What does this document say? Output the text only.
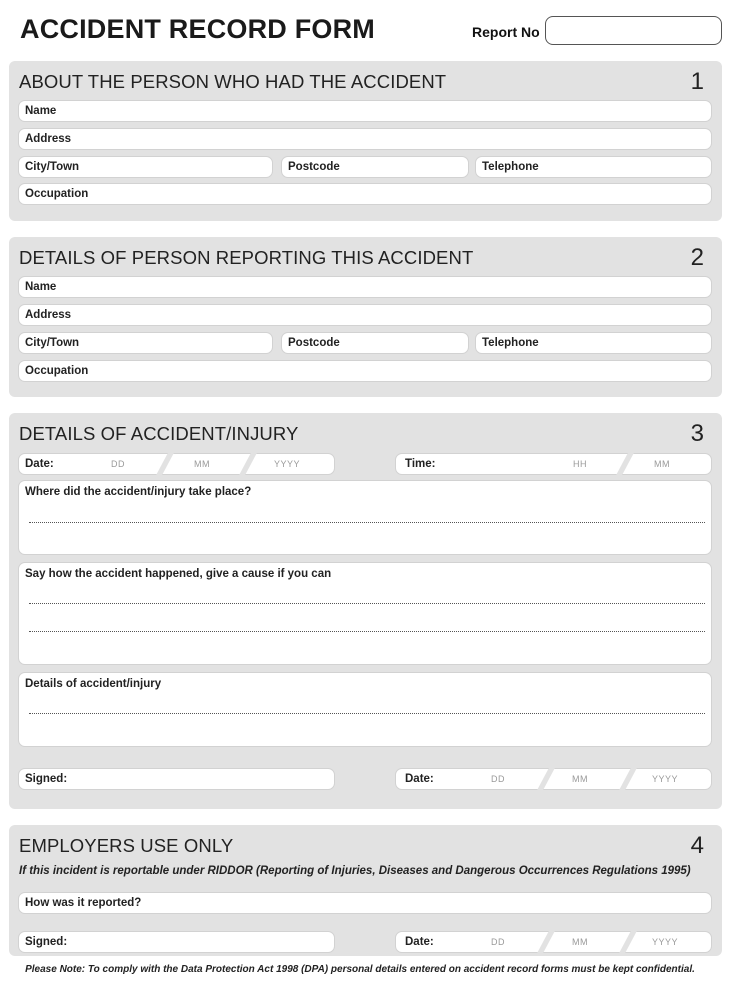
ACCIDENT RECORD FORM	Report No
ABOUT THE PERSON WHO HAD THE ACCIDENT	1
Name
Address
City/Town	Postcode	Telephone
Occupation
DETAILS OF PERSON REPORTING THIS ACCIDENT	2
Name
Address
City/Town	Postcode	Telephone
Occupation
DETAILS OF ACCIDENT/INJURY	3
Date:	DD	MM	YYYY	Time:	HH	MM
Where did the accident/injury take place?
Say how the accident happened, give a cause if you can
Details of accident/injury
Signed:	Date:	DD	MM	YYYY
EMPLOYERS USE ONLY	4
If this incident is reportable under RIDDOR (Reporting of Injuries, Diseases and Dangerous Occurrences Regulations 1995)
How was it reported?
Signed:	Date:	DD	MM	YYYY
Please Note: To comply with the Data Protection Act 1998 (DPA) personal details entered on accident record forms must be kept confidential.
